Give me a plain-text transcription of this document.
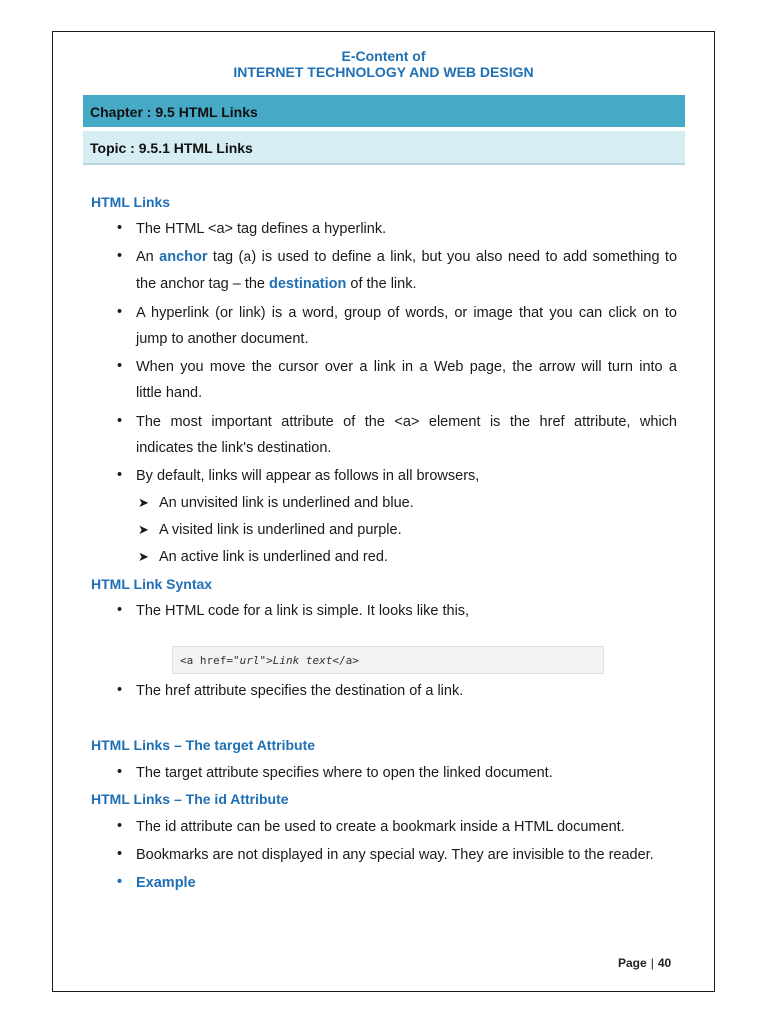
E-Content of
INTERNET TECHNOLOGY AND WEB DESIGN
Chapter : 9.5 HTML Links
Topic : 9.5.1 HTML Links
HTML Links
• The HTML <a> tag defines a hyperlink.
• An anchor tag (a) is used to define a link, but you also need to add something to
the anchor tag – the destination of the link.
• A hyperlink (or link) is a word, group of words, or image that you can click on to
jump to another document.
• When you move the cursor over a link in a Web page, the arrow will turn into a
little hand.
• The most important attribute of the <a> element is the href attribute, which
indicates the link's destination.
• By default, links will appear as follows in all browsers,
➤ An unvisited link is underlined and blue.
➤ A visited link is underlined and purple.
➤ An active link is underlined and red.
HTML Link Syntax
• The HTML code for a link is simple. It looks like this,
<a href="url">Link text</a>
• The href attribute specifies the destination of a link.
HTML Links – The target Attribute
• The target attribute specifies where to open the linked document.
HTML Links – The id Attribute
• The id attribute can be used to create a bookmark inside a HTML document.
• Bookmarks are not displayed in any special way. They are invisible to the reader.
• Example
Page | 40
